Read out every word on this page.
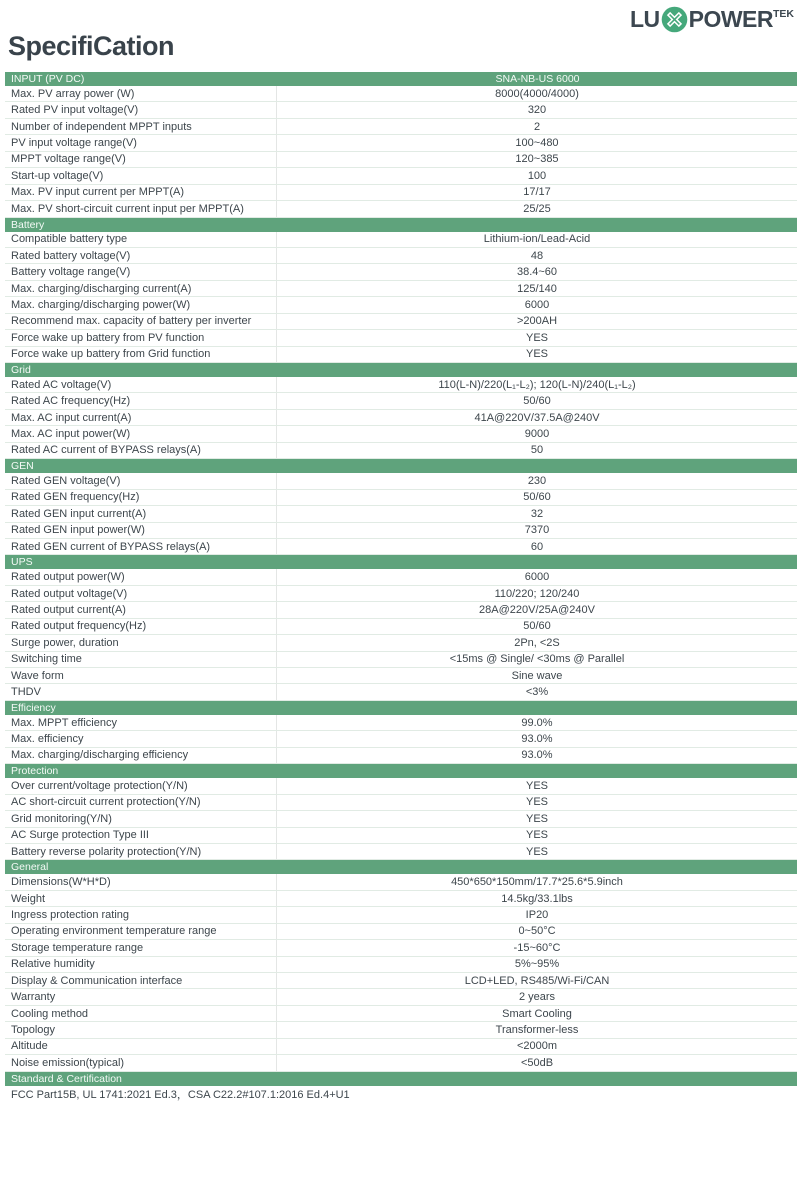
LU POWER TEK
SpecifiCation
INPUT (PV DC)	SNA-NB-US 6000
Max. PV array power (W)	8000(4000/4000)
Rated PV input voltage(V)	320
Number of independent MPPT inputs	2
PV input voltage range(V)	100~480
MPPT voltage range(V)	120~385
Start-up voltage(V)	100
Max. PV input current per MPPT(A)	17/17
Max. PV short-circuit current input per MPPT(A)	25/25
Battery
Compatible battery type	Lithium-ion/Lead-Acid
Rated battery voltage(V)	48
Battery voltage range(V)	38.4~60
Max. charging/discharging current(A)	125/140
Max. charging/discharging power(W)	6000
Recommend max. capacity of battery per inverter	>200AH
Force wake up battery from PV function	YES
Force wake up battery from Grid function	YES
Grid
Rated AC voltage(V)	110(L-N)/220(L₁-L₂); 120(L-N)/240(L₁-L₂)
Rated AC frequency(Hz)	50/60
Max. AC input current(A)	41A@220V/37.5A@240V
Max. AC input power(W)	9000
Rated AC current of BYPASS relays(A)	50
GEN
Rated GEN voltage(V)	230
Rated GEN frequency(Hz)	50/60
Rated GEN input current(A)	32
Rated GEN input power(W)	7370
Rated GEN current of BYPASS relays(A)	60
UPS
Rated output power(W)	6000
Rated output voltage(V)	110/220; 120/240
Rated output current(A)	28A@220V/25A@240V
Rated output frequency(Hz)	50/60
Surge power, duration	2Pn, <2S
Switching time	<15ms @ Single/ <30ms @ Parallel
Wave form	Sine wave
THDV	<3%
Efficiency
Max. MPPT efficiency	99.0%
Max. efficiency	93.0%
Max. charging/discharging efficiency	93.0%
Protection
Over current/voltage protection(Y/N)	YES
AC short-circuit current protection(Y/N)	YES
Grid monitoring(Y/N)	YES
AC Surge protection Type III	YES
Battery reverse polarity protection(Y/N)	YES
General
Dimensions(W*H*D)	450*650*150mm/17.7*25.6*5.9inch
Weight	14.5kg/33.1lbs
Ingress protection rating	IP20
Operating environment temperature range	0~50°C
Storage temperature range	-15~60°C
Relative humidity	5%~95%
Display & Communication interface	LCD+LED, RS485/Wi-Fi/CAN
Warranty	2 years
Cooling method	Smart Cooling
Topology	Transformer-less
Altitude	<2000m
Noise emission(typical)	<50dB
Standard & Certification
FCC Part15B, UL 1741:2021 Ed.3，CSA C22.2#107.1:2016 Ed.4+U1
